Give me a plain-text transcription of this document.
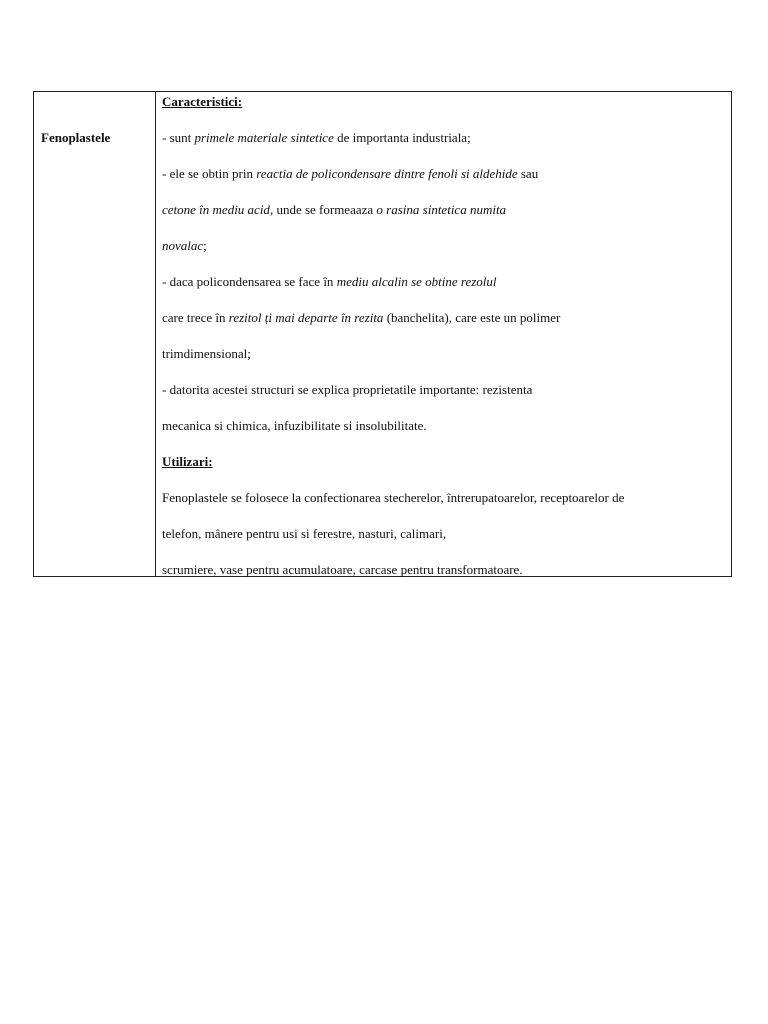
Fenoplastele
Caracteristici:
- sunt primele materiale sintetice de importanta industriala;
- ele se obtin prin reactia de policondensare dintre fenoli si aldehide sau
cetone în mediu acid, unde se formeaaza o rasina sintetica numita
novalac;
- daca policondensarea se face în mediu alcalin se obtine rezolul
care trece în rezitol ți mai departe în rezita (banchelita), care este un polimer
trimdimensional;
- datorita acestei structuri se explica proprietatile importante: rezistenta
mecanica si chimica, infuzibilitate si insolubilitate.
Utilizari:
Fenoplastele se folosece la confectionarea stecherelor, întrerupatoarelor, receptoarelor de
telefon, mânere pentru usi si ferestre, nasturi, calimari,
scrumiere, vase pentru acumulatoare, carcase pentru transformatoare.
